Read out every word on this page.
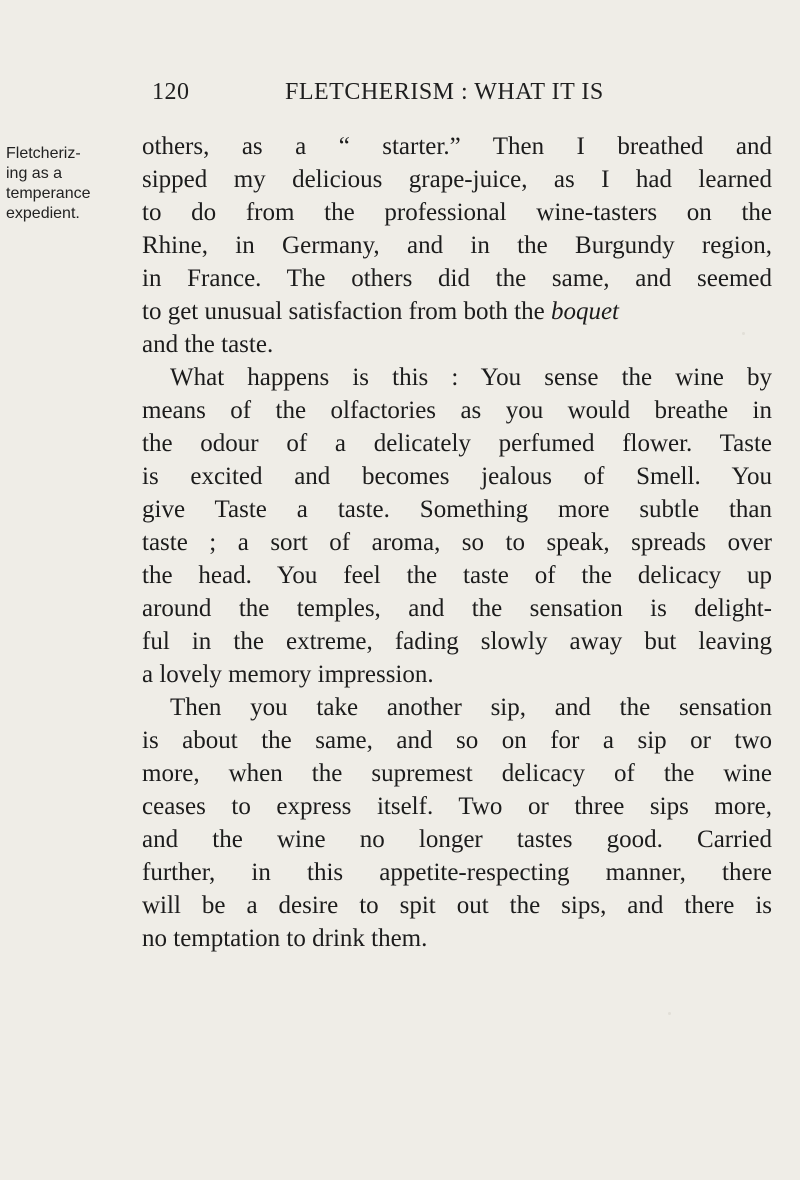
120	FLETCHERISM : WHAT IT IS
Fletcheriz-
ing as a
temperance
expedient.
others, as a “ starter.” Then I breathed and
sipped my delicious grape-juice, as I had learned
to do from the professional wine-tasters on the
Rhine, in Germany, and in the Burgundy region,
in France. The others did the same, and seemed
to get unusual satisfaction from both the boquet
and the taste.
What happens is this : You sense the wine by
means of the olfactories as you would breathe in
the odour of a delicately perfumed flower. Taste
is excited and becomes jealous of Smell. You
give Taste a taste. Something more subtle than
taste ; a sort of aroma, so to speak, spreads over
the head. You feel the taste of the delicacy up
around the temples, and the sensation is delight-
ful in the extreme, fading slowly away but leaving
a lovely memory impression.
Then you take another sip, and the sensation
is about the same, and so on for a sip or two
more, when the supremest delicacy of the wine
ceases to express itself. Two or three sips more,
and the wine no longer tastes good. Carried
further, in this appetite-respecting manner, there
will be a desire to spit out the sips, and there is
no temptation to drink them.
